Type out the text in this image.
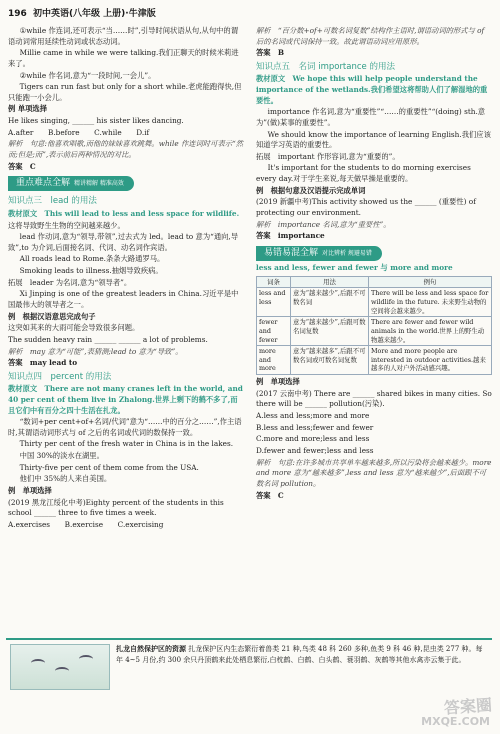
196 初中英语(八年级 上册)·牛津版

①while 作连词,还可表示“当……时”,引导时间状语从句,从句中的谓语动词常用延续性动词或状态动词。

Millie came in while we were talking.我们正聊天的时候米莉进来了。

②while 作名词,意为“一段时间,一会儿”。

Tigers can run fast but only for a short while.老虎能跑得快,但只能跑一小会儿。

例 单项选择

He likes singing, ______ his sister likes dancing.

A.after　　B.before　　C.while　　D.if

解析　句意:他喜欢唱歌,而他的妹妹喜欢跳舞。while 作连词时可表示“然而;但是;而”,表示前后两种情况的对比。

答案　C

重点难点全解 精讲精解 精准高效

知识点三　lead 的用法

教材原文　This will lead to less and less space for wildlife.

这将导致野生生物的空间越来越少。

lead 作动词,意为“领导,带领”,过去式为 led。lead to 意为“通向,导致”,to 为介词,后面接名词、代词、动名词作宾语。

All roads lead to Rome.条条大路通罗马。

Smoking leads to illness.抽烟导致疾病。

拓展　leader 为名词,意为“领导者”。

Xi Jinping is one of the greatest leaders in China.习近平是中国最伟大的领导者之一。

例　根据汉语意思完成句子

这突如其来的大雨可能会导致很多问题。

The sudden heavy rain ______ ______ a lot of problems.

解析　may 意为“可能”,表猜测;lead to 意为“导致”。

答案　may lead to

知识点四　percent 的用法

教材原文　There are not many cranes left in the world, and 40 per cent of them live in Zhalong.世界上剩下的鹤不多了,而且它们中有百分之四十生活在扎龙。

“数词+per cent+of+名词/代词”意为“……中的百分之……”,作主语时,其谓语动词形式与 of 之后的名词或代词的数保持一致。

Thirty per cent of the fresh water in China is in the lakes.

中国 30%的淡水在湖里。

Thirty-five per cent of them come from the USA.

他们中 35%的人来自美国。

例　单项选择

(2019 黑龙江绥化中考)Eighty percent of the students in this school ______ three to five times a week.

A.exercises　　B.exercise　　C.exercising

解析　“百分数+of+可数名词复数”结构作主语时,谓语动词的形式与 of 后的名词或代词保持一致。故此谓语动词应用原形。

答案　B

知识点五　名词 importance 的用法

教材原文　We hope this will help people understand the importance of the wetlands.我们希望这将帮助人们了解湿地的重要性。

importance 作名词,意为“重要性”“……的重要性”“(doing) sth.意为”(做)某事的重要性”。

We should know the importance of learning English.我们应该知道学习英语的重要性。

拓展　important 作形容词,意为“重要的”。

It's important for the students to do morning exercises every day.对于学生来说,每天做早操是重要的。

例　根据句意及汉语提示完成单词

(2019 新疆中考)This activity showed us the ______ (重要性) of protecting our environment.

解析　importance 名词,意为“重要性”。

答案　importance

易错易混全解 对比辨析 规避易错

less and less, fewer and fewer 与 more and more

词条	用法	例句
less and less	意为“越来越少”,后跟不可数名词	There will be less and less space for wildlife in the future. 未来野生动物的空间将会越来越少。
fewer and fewer	意为“越来越少”,后跟可数名词复数	There are fewer and fewer wild animals in the world.世界上的野生动物越来越少。
more and more	意为“越来越多”,后跟不可数名词或可数名词复数	More and more people are interested in outdoor activities.越来越多的人对户外活动感兴趣。

例　单项选择

(2017 云南中考) There are ______ shared bikes in many cities. So there will be ______ pollution(污染).

A.less and less;more and more

B.less and less;fewer and fewer

C.more and more;less and less

D.fewer and fewer;less and less

解析　句意:在许多城市共享单车越来越多,所以污染将会越来越少。more and more 意为“越来越多”,less and less 意为“越来越少”,后面跟不可数名词 pollution。

答案　C

扎龙自然保护区的资源 扎龙保护区内生态繁衍着兽类 21 种,鸟类 48 科 260 多种,鱼类 9 科 46 种,昆虫类 277 种。每年 4~5 月份,约 300 余只丹顶鹤来此处栖息繁衍,白枕鹤、白鹤、白头鹤、蓑羽鹤、灰鹤等其他水禽亦云集于此。
答案圈
MXQE.COM
